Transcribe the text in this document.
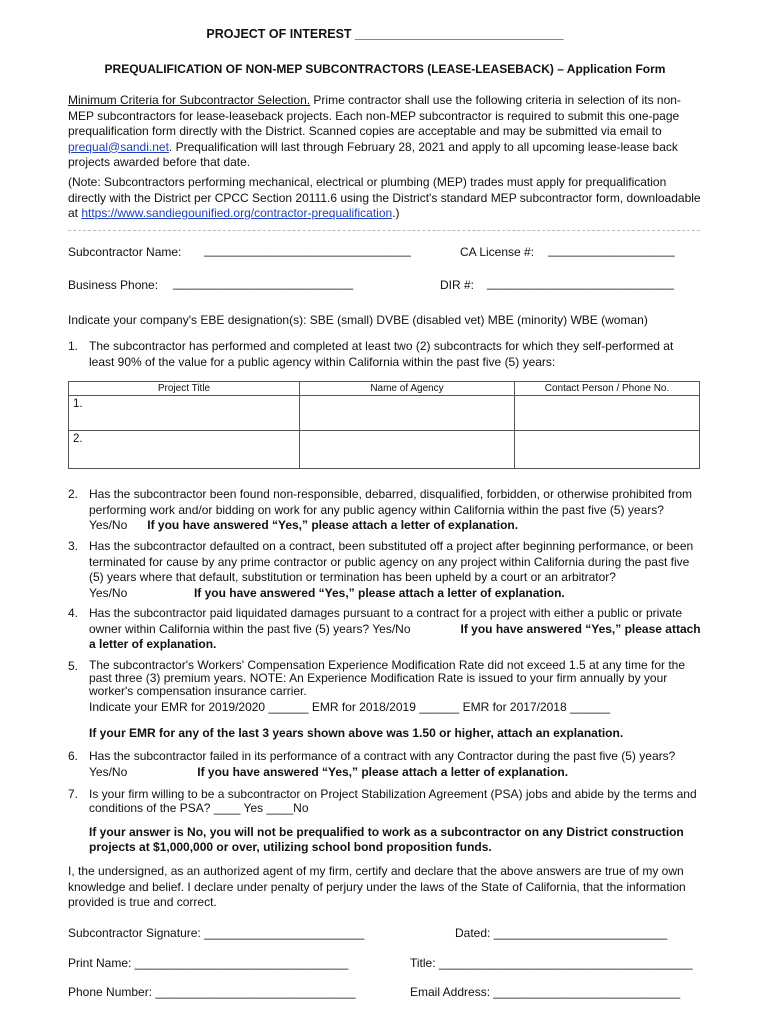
PROJECT OF INTEREST ______________________________
PREQUALIFICATION OF NON-MEP SUBCONTRACTORS (LEASE-LEASEBACK) – Application Form
Minimum Criteria for Subcontractor Selection. Prime contractor shall use the following criteria in selection of its non-MEP subcontractors for lease-leaseback projects. Each non-MEP subcontractor is required to submit this one-page prequalification form directly with the District. Scanned copies are acceptable and may be submitted via email to prequal@sandi.net. Prequalification will last through February 28, 2021 and apply to all upcoming lease-lease back projects awarded before that date.
(Note: Subcontractors performing mechanical, electrical or plumbing (MEP) trades must apply for prequalification directly with the District per CPCC Section 20111.6 using the District's standard MEP subcontractor form, downloadable at https://www.sandiegounified.org/contractor-prequalification.)
Subcontractor Name: _______________________________	CA License #: ___________________
Business Phone: ___________________________	DIR #: ____________________________
Indicate your company's EBE designation(s): SBE (small) DVBE (disabled vet) MBE (minority) WBE (woman)
1. The subcontractor has performed and completed at least two (2) subcontracts for which they self-performed at least 90% of the value for a public agency within California within the past five (5) years:
Project Title	Name of Agency	Contact Person / Phone No.
1.		
2.		
2. Has the subcontractor been found non-responsible, debarred, disqualified, forbidden, or otherwise prohibited from performing work and/or bidding on work for any public agency within California within the past five (5) years? Yes/No If you have answered “Yes,” please attach a letter of explanation.
3. Has the subcontractor defaulted on a contract, been substituted off a project after beginning performance, or been terminated for cause by any prime contractor or public agency on any project within California during the past five (5) years where that default, substitution or termination has been upheld by a court or an arbitrator? Yes/No	If you have answered “Yes,” please attach a letter of explanation.
4. Has the subcontractor paid liquidated damages pursuant to a contract for a project with either a public or private owner within California within the past five (5) years? Yes/No	If you have answered “Yes,” please attach a letter of explanation.
5. The subcontractor's Workers' Compensation Experience Modification Rate did not exceed 1.5 at any time for the past three (3) premium years. NOTE: An Experience Modification Rate is issued to your firm annually by your worker's compensation insurance carrier.
Indicate your EMR for 2019/2020 ______ EMR for 2018/2019 ______ EMR for 2017/2018 ______
If your EMR for any of the last 3 years shown above was 1.50 or higher, attach an explanation.
6. Has the subcontractor failed in its performance of a contract with any Contractor during the past five (5) years? Yes/No	If you have answered “Yes,” please attach a letter of explanation.
7. Is your firm willing to be a subcontractor on Project Stabilization Agreement (PSA) jobs and abide by the terms and conditions of the PSA? ____ Yes ____No
If your answer is No, you will not be prequalified to work as a subcontractor on any District construction projects at $1,000,000 or over, utilizing school bond proposition funds.
I, the undersigned, as an authorized agent of my firm, certify and declare that the above answers are true of my own knowledge and belief. I declare under penalty of perjury under the laws of the State of California, that the information provided is true and correct.
Subcontractor Signature: ________________________	Dated: __________________________
Print Name: ________________________________	Title: ______________________________________
Phone Number: ______________________________	Email Address: ____________________________
